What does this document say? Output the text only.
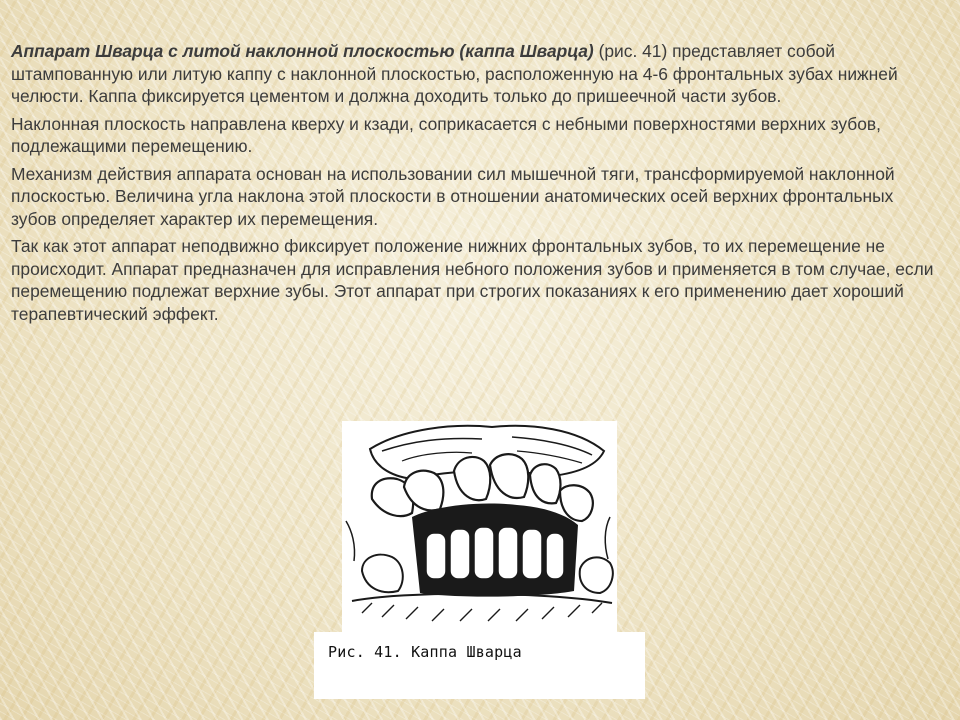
Аппарат Шварца с литой наклонной плоскостью (каппа Шварца) (рис. 41) представляет собой штампованную или литую каппу с наклонной плоскостью, расположенную на 4-6 фронтальных зубах нижней челюсти. Каппа фиксируется цементом и должна доходить только до пришеечной части зубов.

Наклонная плоскость направлена кверху и кзади, соприкасается с небными поверхностями верхних зубов, подлежащими перемещению.

Механизм действия аппарата основан на использовании сил мышечной тяги, трансформируемой наклонной плоскостью. Величина угла наклона этой плоскости в отношении анатомических осей верхних фронтальных зубов определяет характер их перемещения.

Так как этот аппарат неподвижно фиксирует положение нижних фронтальных зубов, то их перемещение не происходит. Аппарат предназначен для исправления небного положения зубов и применяется в том случае, если перемещению подлежат верхние зубы. Этот аппарат при строгих показаниях к его применению дает хороший терапевтический эффект.

Рис. 41. Каппа Шварца
